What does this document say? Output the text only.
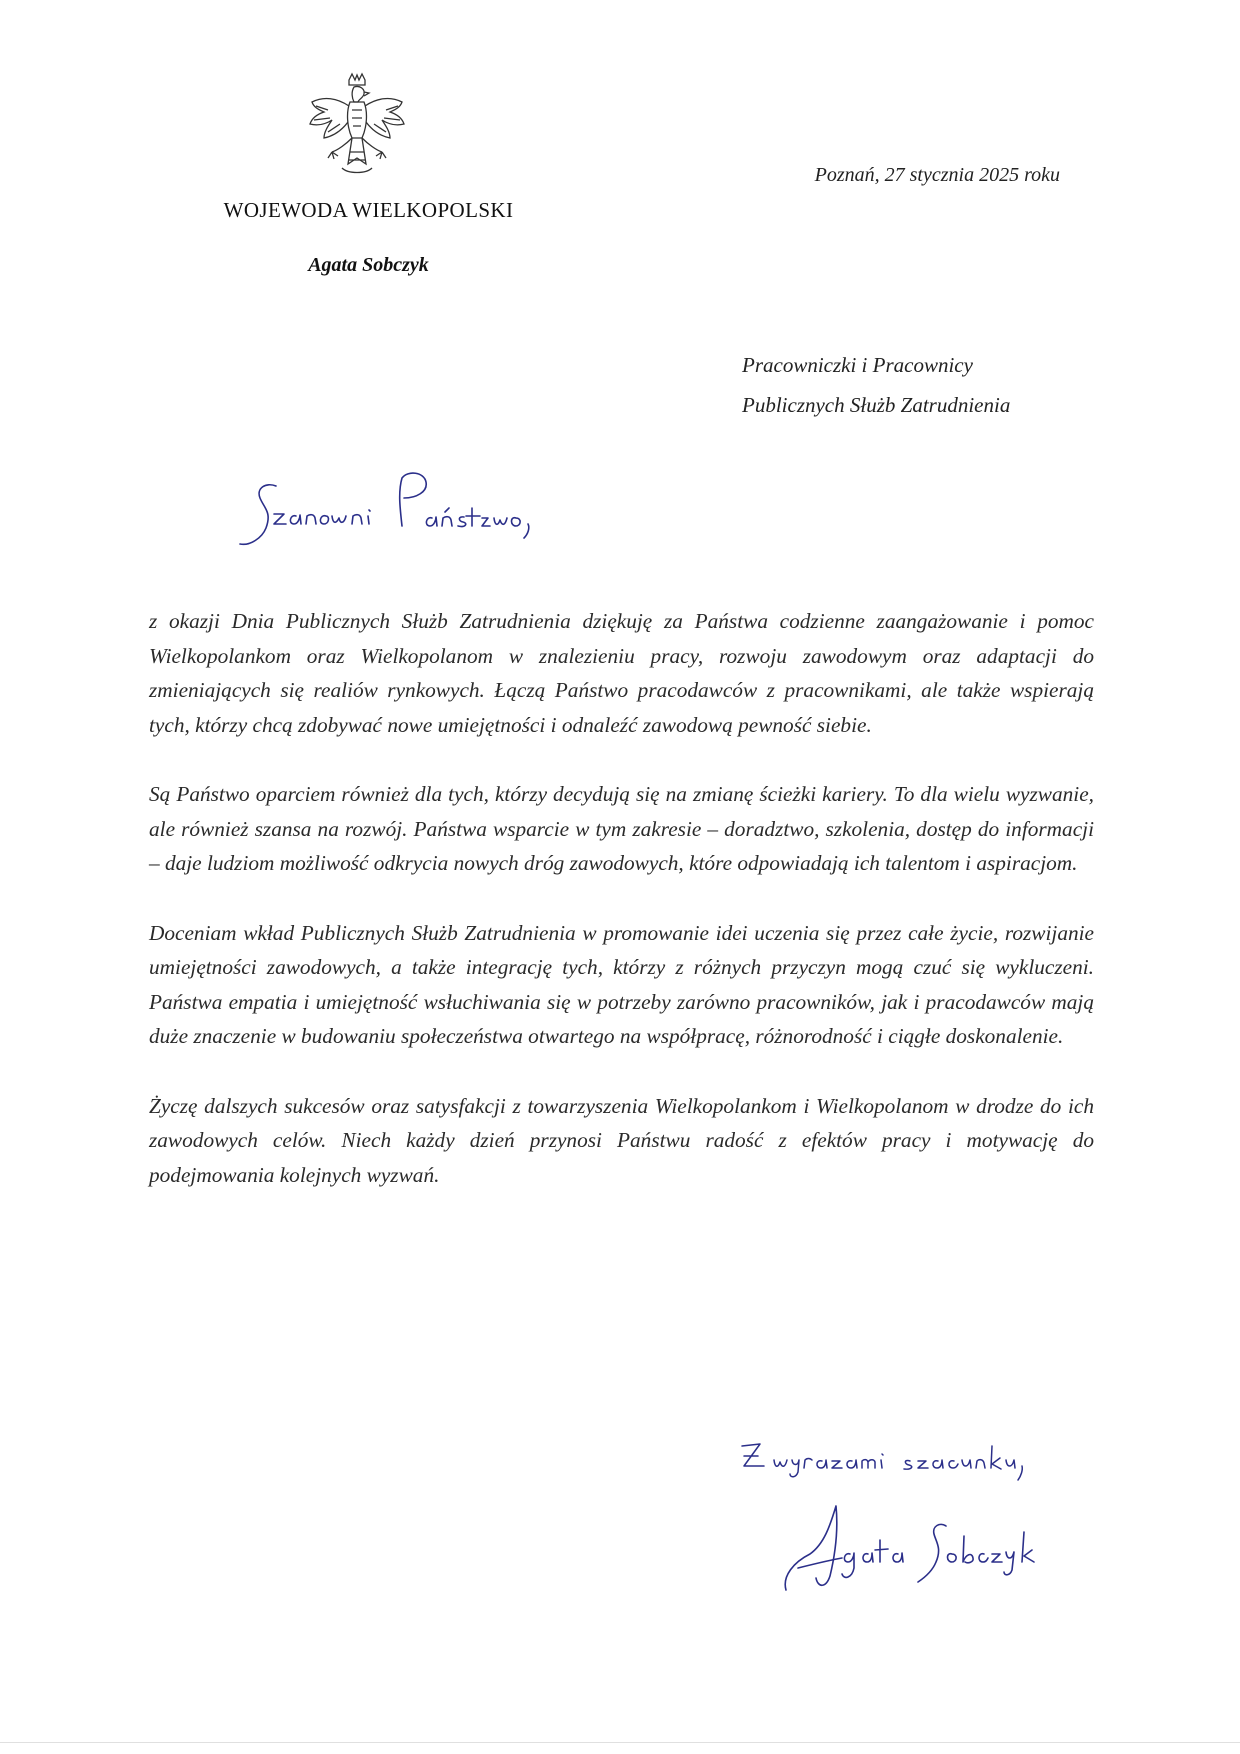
WOJEWODA WIELKOPOLSKI
Agata Sobczyk
Poznań, 27 stycznia 2025 roku
Pracowniczki i Pracownicy
Publicznych Służb Zatrudnienia

z okazji Dnia Publicznych Służb Zatrudnienia dziękuję za Państwa codzienne zaangażowanie i pomoc Wielkopolankom oraz Wielkopolanom w znalezieniu pracy, rozwoju zawodowym oraz adaptacji do zmieniających się realiów rynkowych. Łączą Państwo pracodawców z pracownikami, ale także wspierają tych, którzy chcą zdobywać nowe umiejętności i odnaleźć zawodową pewność siebie.

Są Państwo oparciem również dla tych, którzy decydują się na zmianę ścieżki kariery. To dla wielu wyzwanie, ale również szansa na rozwój. Państwa wsparcie w tym zakresie – doradztwo, szkolenia, dostęp do informacji – daje ludziom możliwość odkrycia nowych dróg zawodowych, które odpowiadają ich talentom i aspiracjom.

Doceniam wkład Publicznych Służb Zatrudnienia w promowanie idei uczenia się przez całe życie, rozwijanie umiejętności zawodowych, a także integrację tych, którzy z różnych przyczyn mogą czuć się wykluczeni. Państwa empatia i umiejętność wsłuchiwania się w potrzeby zarówno pracowników, jak i pracodawców mają duże znaczenie w budowaniu społeczeństwa otwartego na współpracę, różnorodność i ciągłe doskonalenie.

Życzę dalszych sukcesów oraz satysfakcji z towarzyszenia Wielkopolankom i Wielkopolanom w drodze do ich zawodowych celów. Niech każdy dzień przynosi Państwu radość z efektów pracy i motywację do podejmowania kolejnych wyzwań.
